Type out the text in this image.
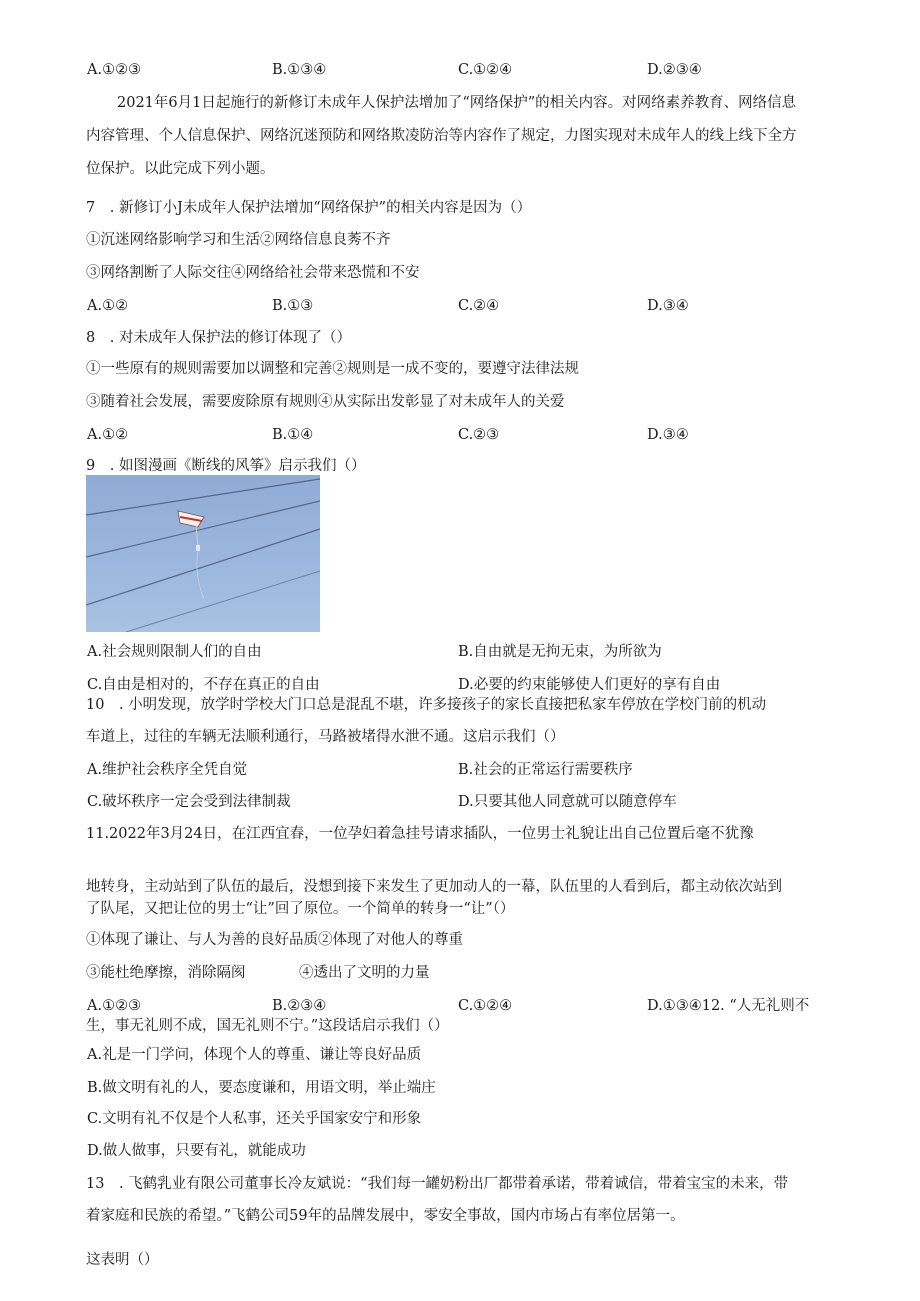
A.①②③	B.①③④	C.①②④	D.②③④
2021年6月1日起施行的新修订未成年人保护法增加了“网络保护”的相关内容。对网络素养教育、网络信息
内容管理、个人信息保护、网络沉迷预防和网络欺凌防治等内容作了规定，力图实现对未成年人的线上线下全方
位保护。以此完成下列小题。
7　. 新修订小J未成年人保护法增加“网络保护”的相关内容是因为（）
①沉迷网络影响学习和生活②网络信息良莠不齐
③网络割断了人际交往④网络给社会带来恐慌和不安
A.①②	B.①③	C.②④	D.③④
8　. 对未成年人保护法的修订体现了（）
①一些原有的规则需要加以调整和完善②规则是一成不变的，要遵守法律法规
③随着社会发展，需要废除原有规则④从实际出发彰显了对未成年人的关爱
A.①②	B.①④	C.②③	D.③④
9　. 如图漫画《断线的风筝》启示我们（）
A.社会规则限制人们的自由	B.自由就是无拘无束，为所欲为
C.自由是相对的，不存在真正的自由	D.必要的约束能够使人们更好的享有自由
10　. 小明发现，放学时学校大门口总是混乱不堪，许多接孩子的家长直接把私家车停放在学校门前的机动
车道上，过往的车辆无法顺利通行，马路被堵得水泄不通。这启示我们（）
A.维护社会秩序全凭自觉	B.社会的正常运行需要秩序
C.破坏秩序一定会受到法律制裁	D.只要其他人同意就可以随意停车
11.2022年3月24日，在江西宜春，一位孕妇着急挂号请求插队，一位男士礼貌让出自己位置后毫不犹豫
地转身，主动站到了队伍的最后，没想到接下来发生了更加动人的一幕，队伍里的人看到后，都主动依次站到
了队尾，又把让位的男士“让”回了原位。一个简单的转身一“让”（）
①体现了谦让、与人为善的良好品质②体现了对他人的尊重
③能杜绝摩擦，消除隔阂	④透出了文明的力量
A.①②③	B.②③④	C.①②④	D.①③④12. “人无礼则不
生，事无礼则不成，国无礼则不宁。”这段话启示我们（）
A.礼是一门学问，体现个人的尊重、谦让等良好品质
B.做文明有礼的人，要态度谦和，用语文明，举止端庄
C.文明有礼不仅是个人私事，还关乎国家安宁和形象
D.做人做事，只要有礼，就能成功
13　. 飞鹤乳业有限公司董事长冷友斌说：“我们每一罐奶粉出厂都带着承诺，带着诚信，带着宝宝的未来，带
着家庭和民族的希望。”飞鹤公司59年的品牌发展中，零安全事故，国内市场占有率位居第一。
这表明（）
